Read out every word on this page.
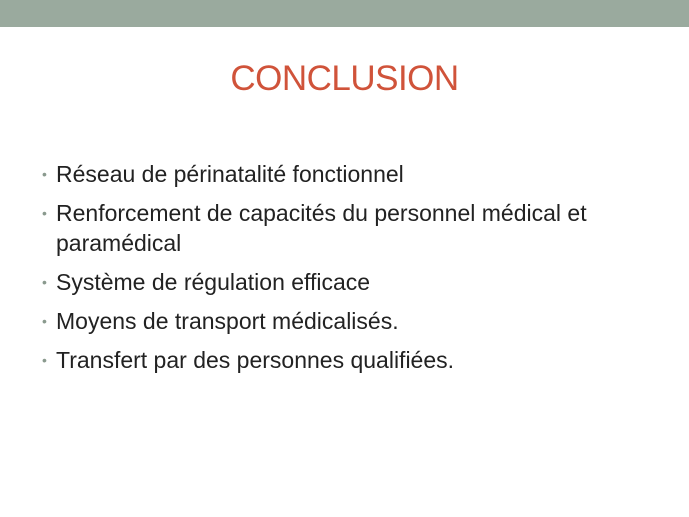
CONCLUSION
• Réseau de périnatalité fonctionnel
• Renforcement de capacités du personnel médical et paramédical
• Système de régulation efficace
• Moyens de transport médicalisés.
• Transfert par des personnes qualifiées.
